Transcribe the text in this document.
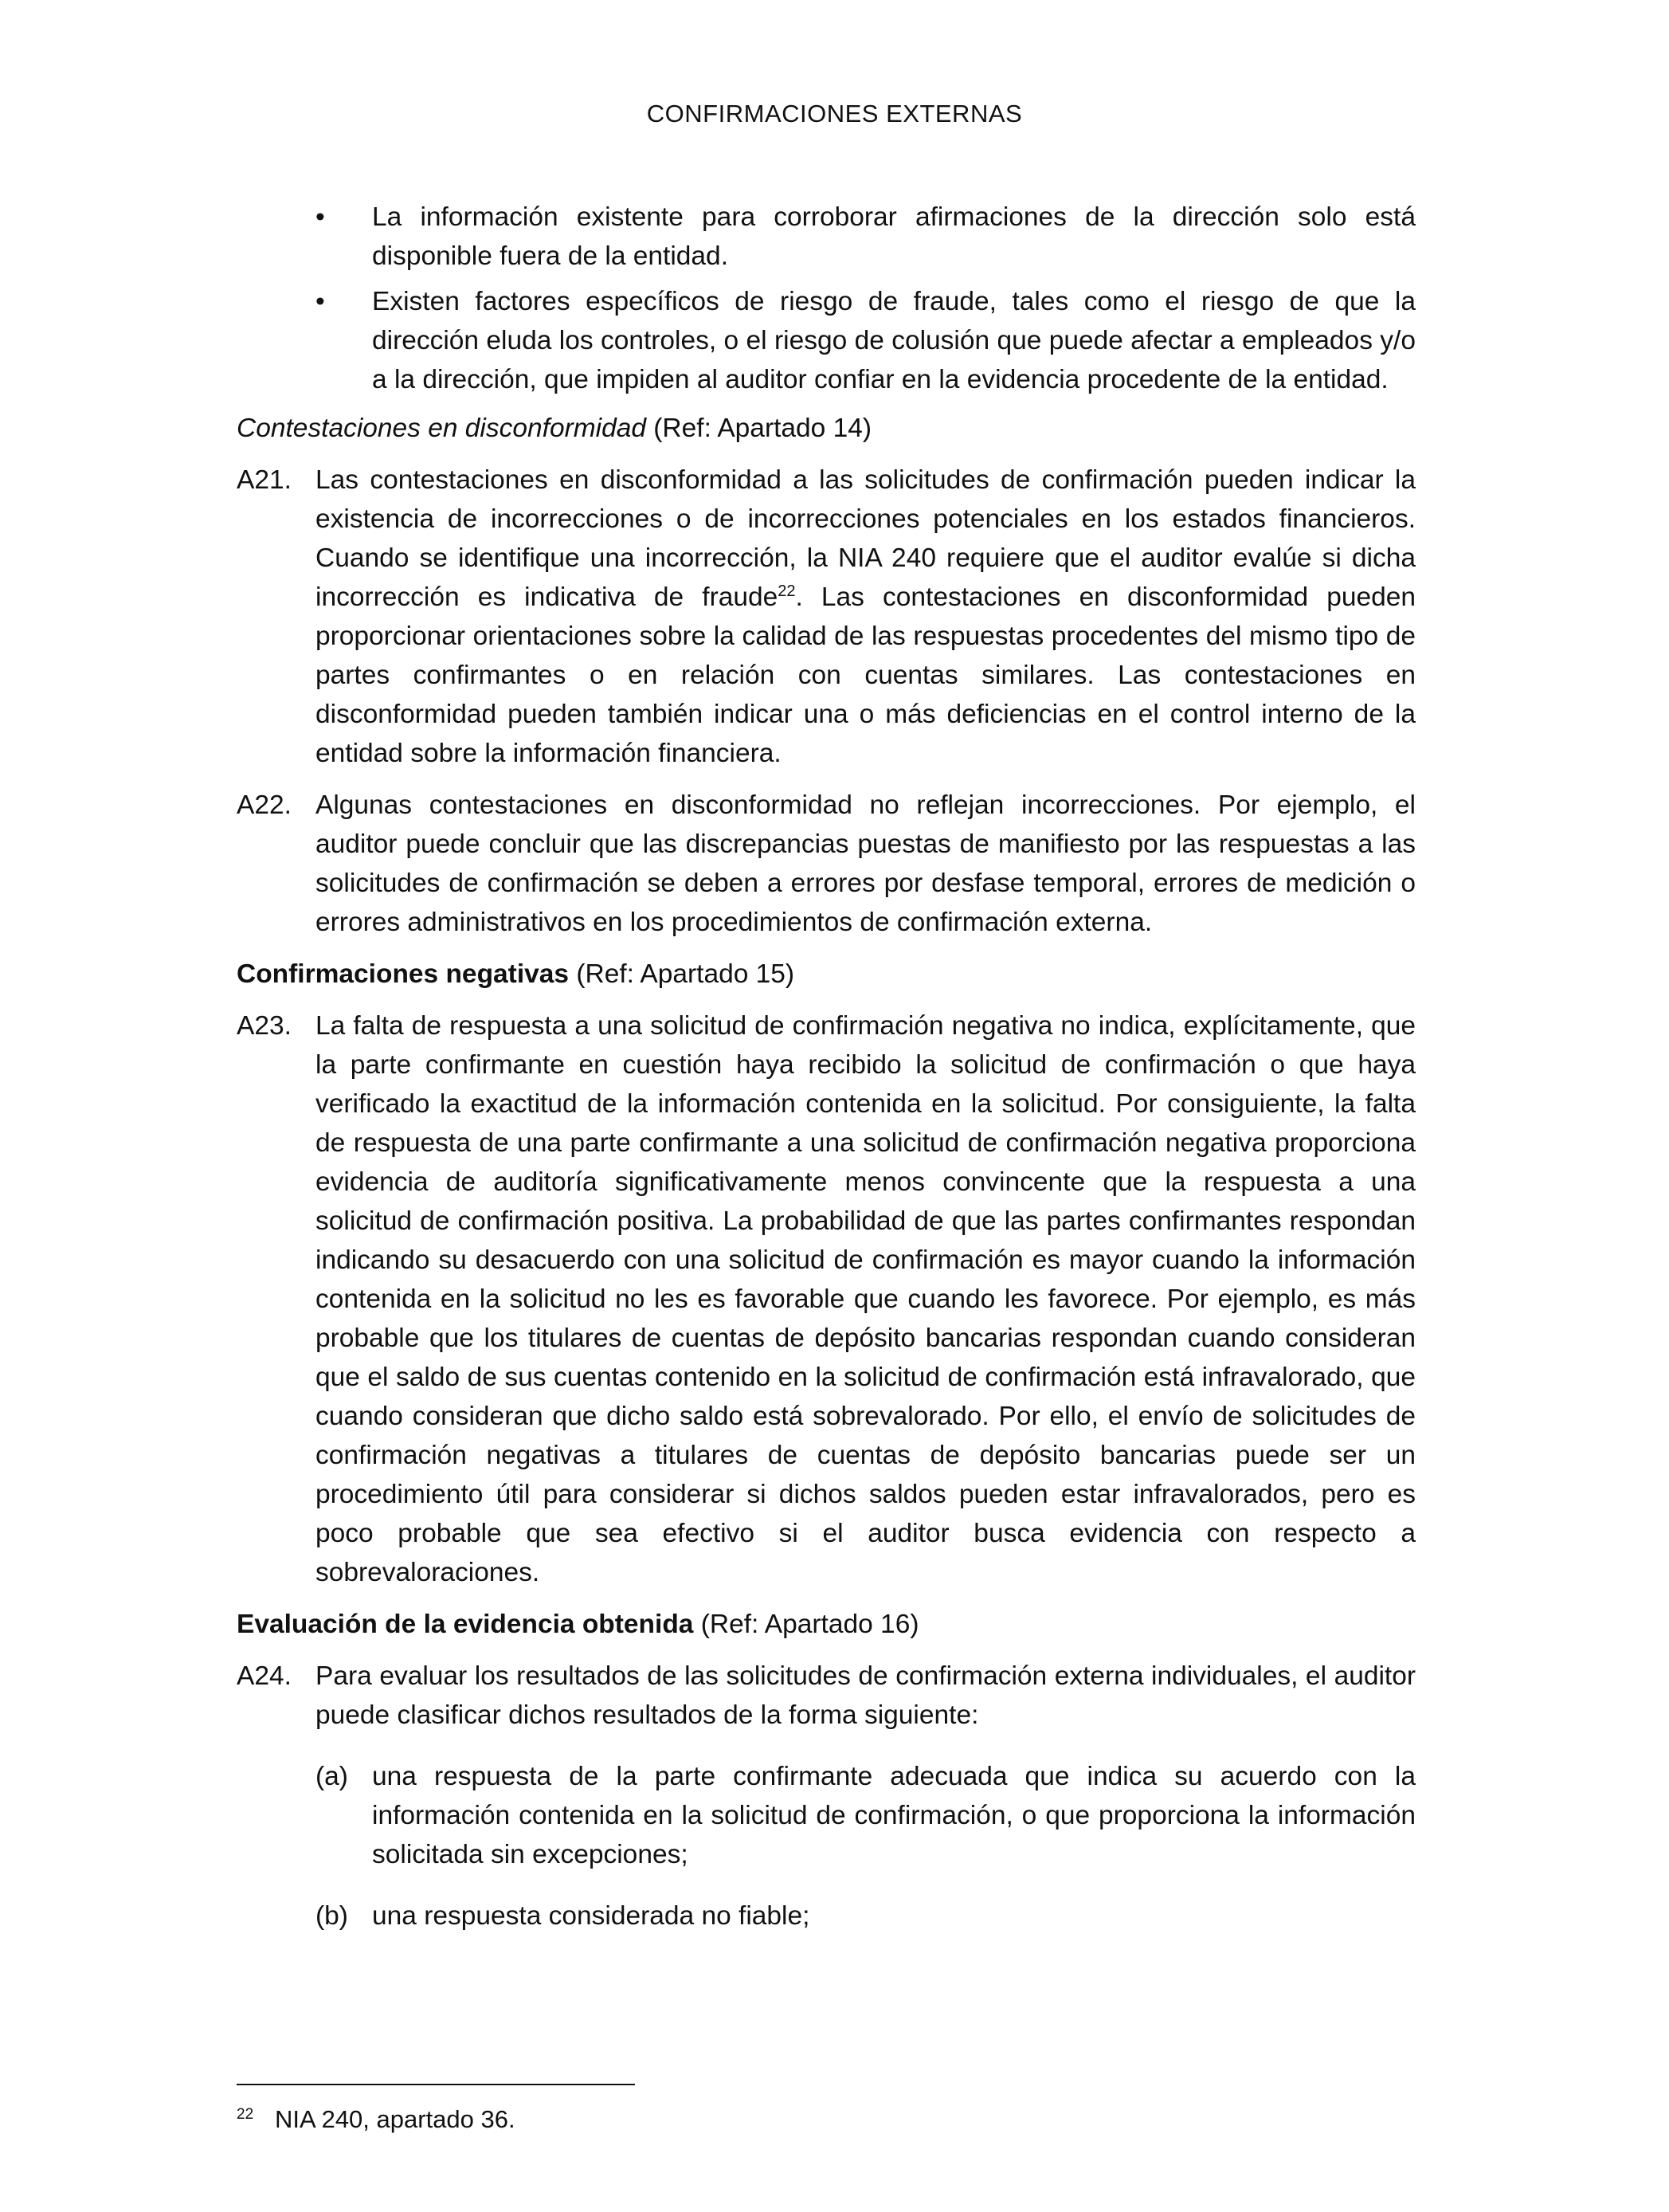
CONFIRMACIONES EXTERNAS
• La información existente para corroborar afirmaciones de la dirección solo está disponible fuera de la entidad.
• Existen factores específicos de riesgo de fraude, tales como el riesgo de que la dirección eluda los controles, o el riesgo de colusión que puede afectar a empleados y/o a la dirección, que impiden al auditor confiar en la evidencia procedente de la entidad.
Contestaciones en disconformidad (Ref: Apartado 14)
A21. Las contestaciones en disconformidad a las solicitudes de confirmación pueden indicar la existencia de incorrecciones o de incorrecciones potenciales en los estados financieros. Cuando se identifique una incorrección, la NIA 240 requiere que el auditor evalúe si dicha incorrección es indicativa de fraude$^{22}$. Las contestaciones en disconformidad pueden proporcionar orientaciones sobre la calidad de las respuestas procedentes del mismo tipo de partes confirmantes o en relación con cuentas similares. Las contestaciones en disconformidad pueden también indicar una o más deficiencias en el control interno de la entidad sobre la información financiera.
A22. Algunas contestaciones en disconformidad no reflejan incorrecciones. Por ejemplo, el auditor puede concluir que las discrepancias puestas de manifiesto por las respuestas a las solicitudes de confirmación se deben a errores por desfase temporal, errores de medición o errores administrativos en los procedimientos de confirmación externa.
Confirmaciones negativas (Ref: Apartado 15)
A23. La falta de respuesta a una solicitud de confirmación negativa no indica, explícitamente, que la parte confirmante en cuestión haya recibido la solicitud de confirmación o que haya verificado la exactitud de la información contenida en la solicitud. Por consiguiente, la falta de respuesta de una parte confirmante a una solicitud de confirmación negativa proporciona evidencia de auditoría significativamente menos convincente que la respuesta a una solicitud de confirmación positiva. La probabilidad de que las partes confirmantes respondan indicando su desacuerdo con una solicitud de confirmación es mayor cuando la información contenida en la solicitud no les es favorable que cuando les favorece. Por ejemplo, es más probable que los titulares de cuentas de depósito bancarias respondan cuando consideran que el saldo de sus cuentas contenido en la solicitud de confirmación está infravalorado, que cuando consideran que dicho saldo está sobrevalorado. Por ello, el envío de solicitudes de confirmación negativas a titulares de cuentas de depósito bancarias puede ser un procedimiento útil para considerar si dichos saldos pueden estar infravalorados, pero es poco probable que sea efectivo si el auditor busca evidencia con respecto a sobrevaloraciones.
Evaluación de la evidencia obtenida (Ref: Apartado 16)
A24. Para evaluar los resultados de las solicitudes de confirmación externa individuales, el auditor puede clasificar dichos resultados de la forma siguiente:
(a) una respuesta de la parte confirmante adecuada que indica su acuerdo con la información contenida en la solicitud de confirmación, o que proporciona la información solicitada sin excepciones;
(b) una respuesta considerada no fiable;
22 NIA 240, apartado 36.
